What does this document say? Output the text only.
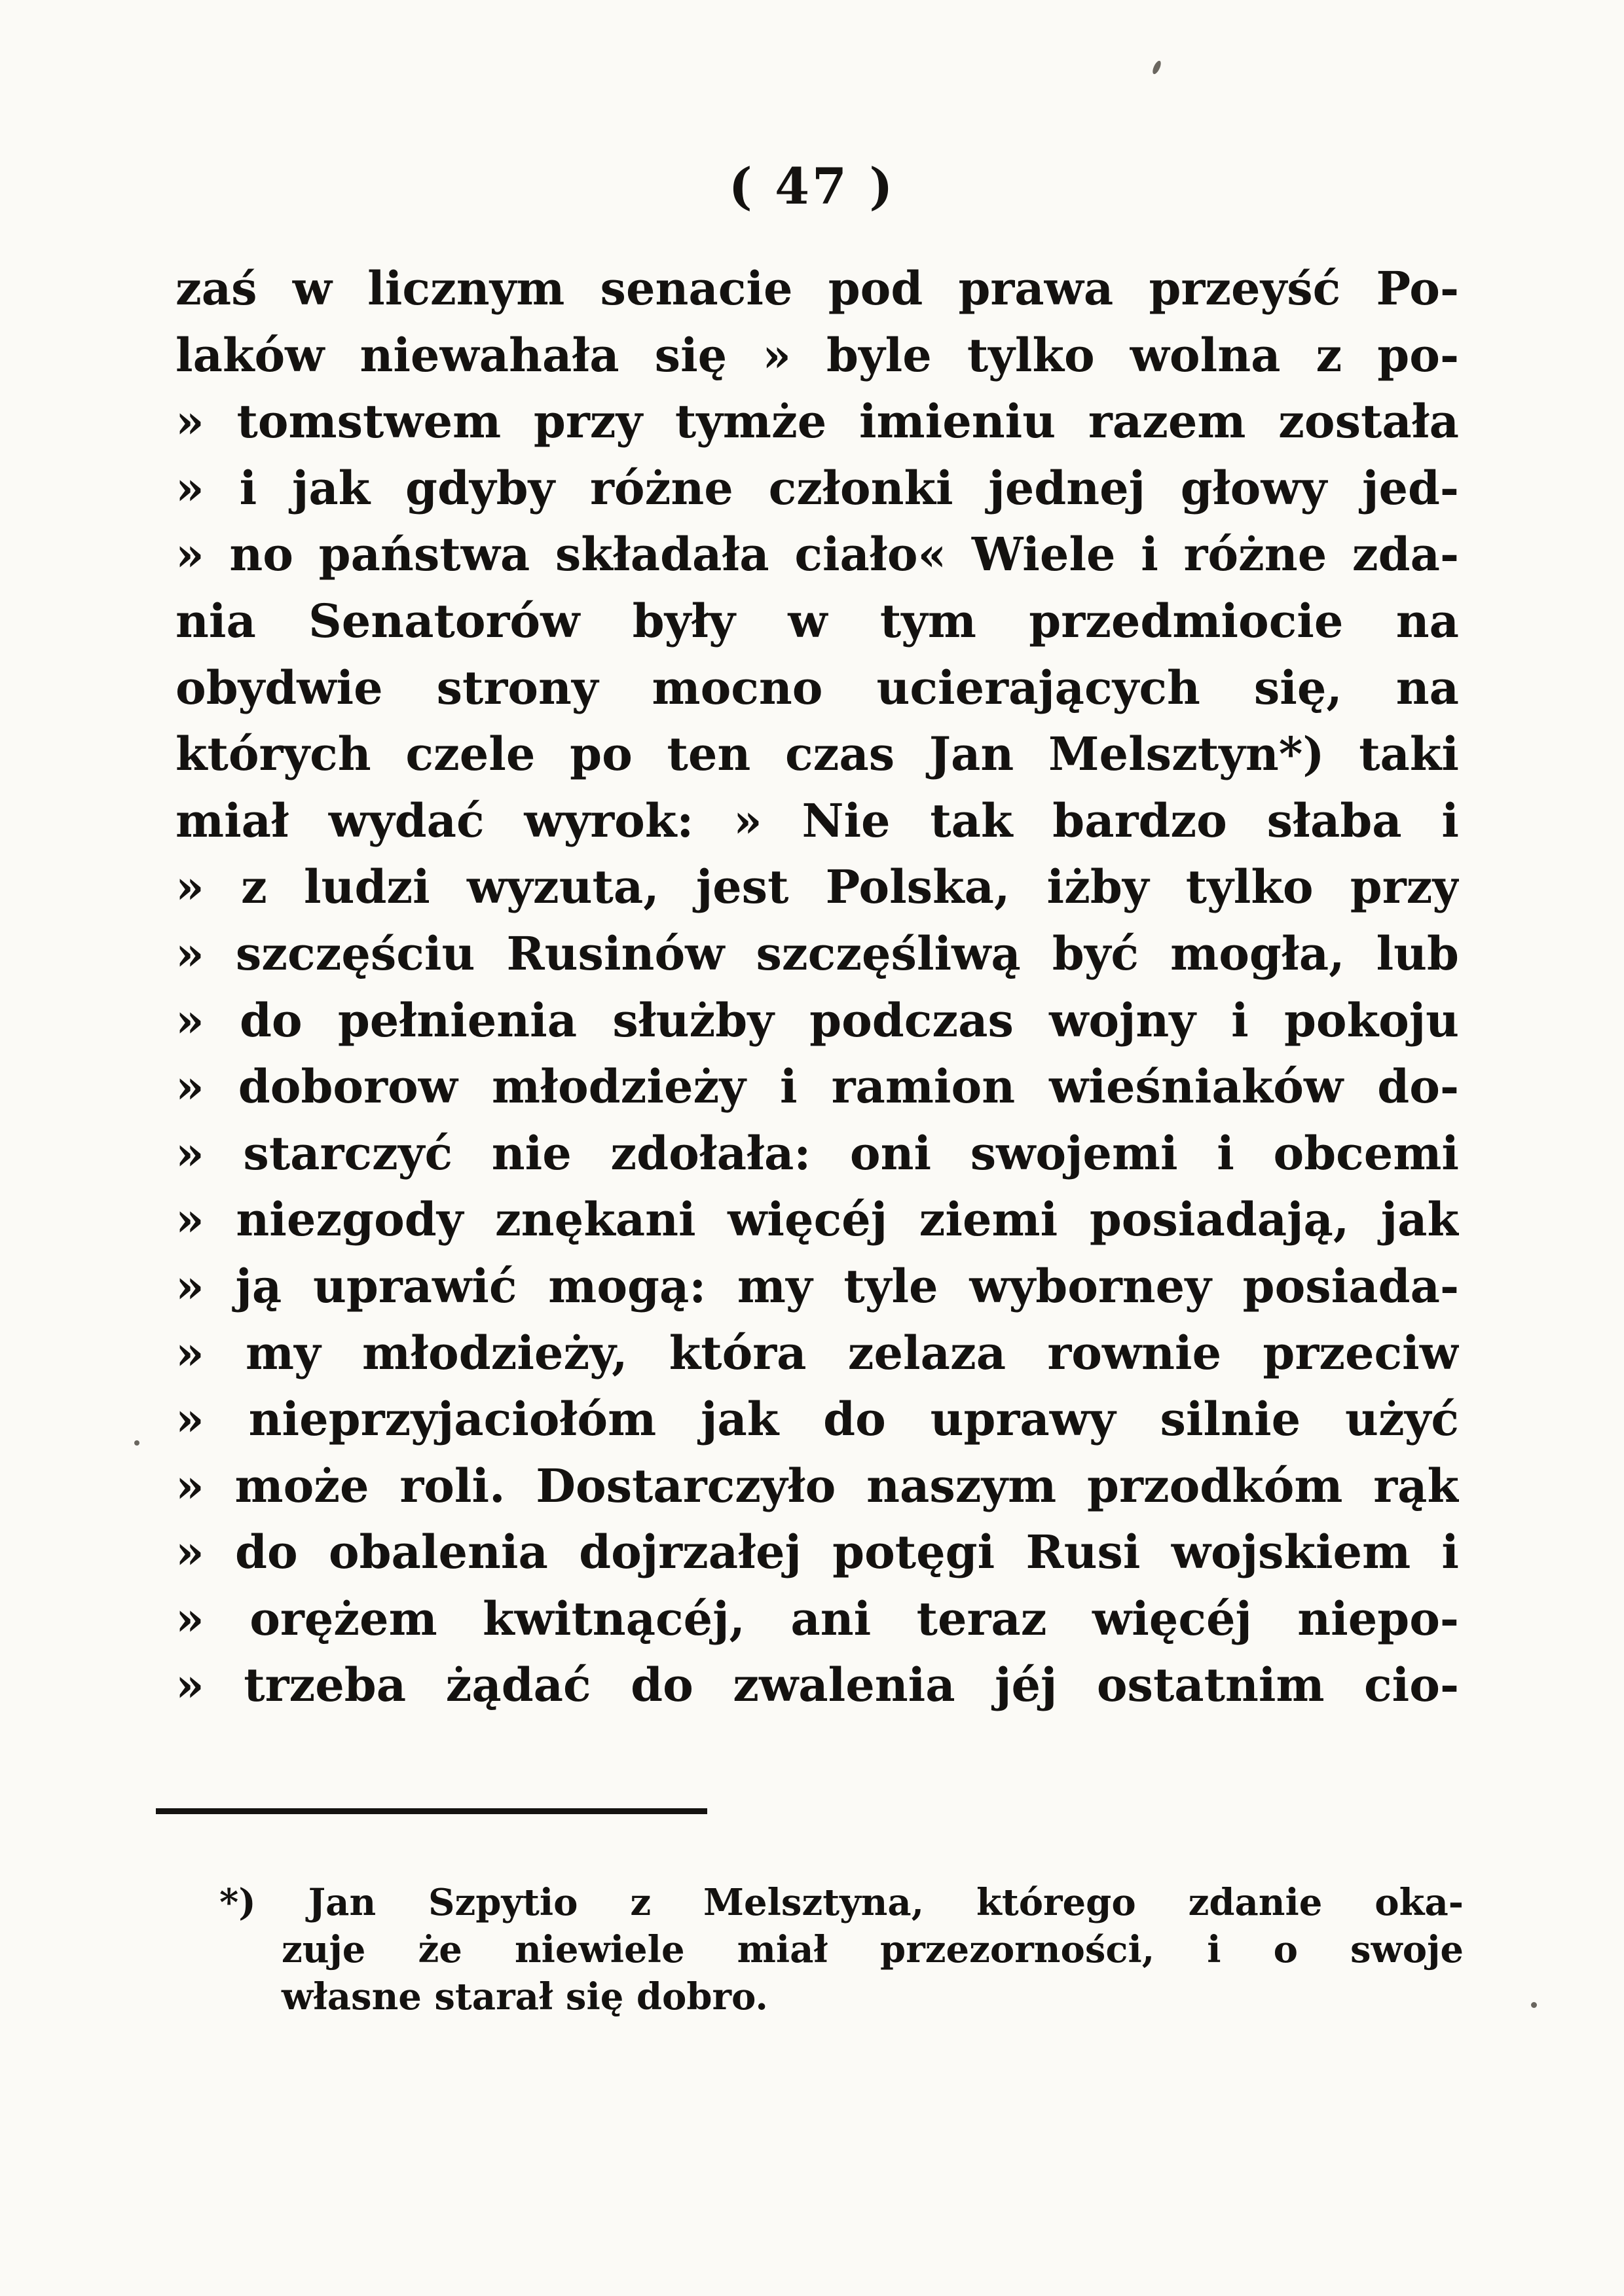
( 47 )
zaś w licznym senacie pod prawa przeyść Po-
laków niewahała się » byle tylko wolna z po-
» tomstwem przy tymże imieniu razem została
» i jak gdyby różne członki jednej głowy jed-
» no państwa składała ciało« Wiele i różne zda-
nia Senatorów były w tym przedmiocie na
obydwie strony mocno ucierających się, na
których czele po ten czas Jan Melsztyn*) taki
miał wydać wyrok: » Nie tak bardzo słaba i
» z ludzi wyzuta, jest Polska, iżby tylko przy
» szczęściu Rusinów szczęśliwą być mogła, lub
» do pełnienia służby podczas wojny i pokoju
» doborow młodzieży i ramion wieśniaków do-
» starczyć nie zdołała: oni swojemi i obcemi
» niezgody znękani więcéj ziemi posiadają, jak
» ją uprawić mogą: my tyle wyborney posiada-
» my młodzieży, która zelaza rownie przeciw
» nieprzyjaciołóm jak do uprawy silnie użyć
» może roli. Dostarczyło naszym przodkóm rąk
» do obalenia dojrzałej potęgi Rusi wojskiem i
» orężem kwitnącéj, ani teraz więcéj niepo-
» trzeba żądać do zwalenia jéj ostatnim cio-
*) Jan Szpytio z Melsztyna, którego zdanie oka-
zuje że niewiele miał przezorności, i o swoje
własne starał się dobro.
